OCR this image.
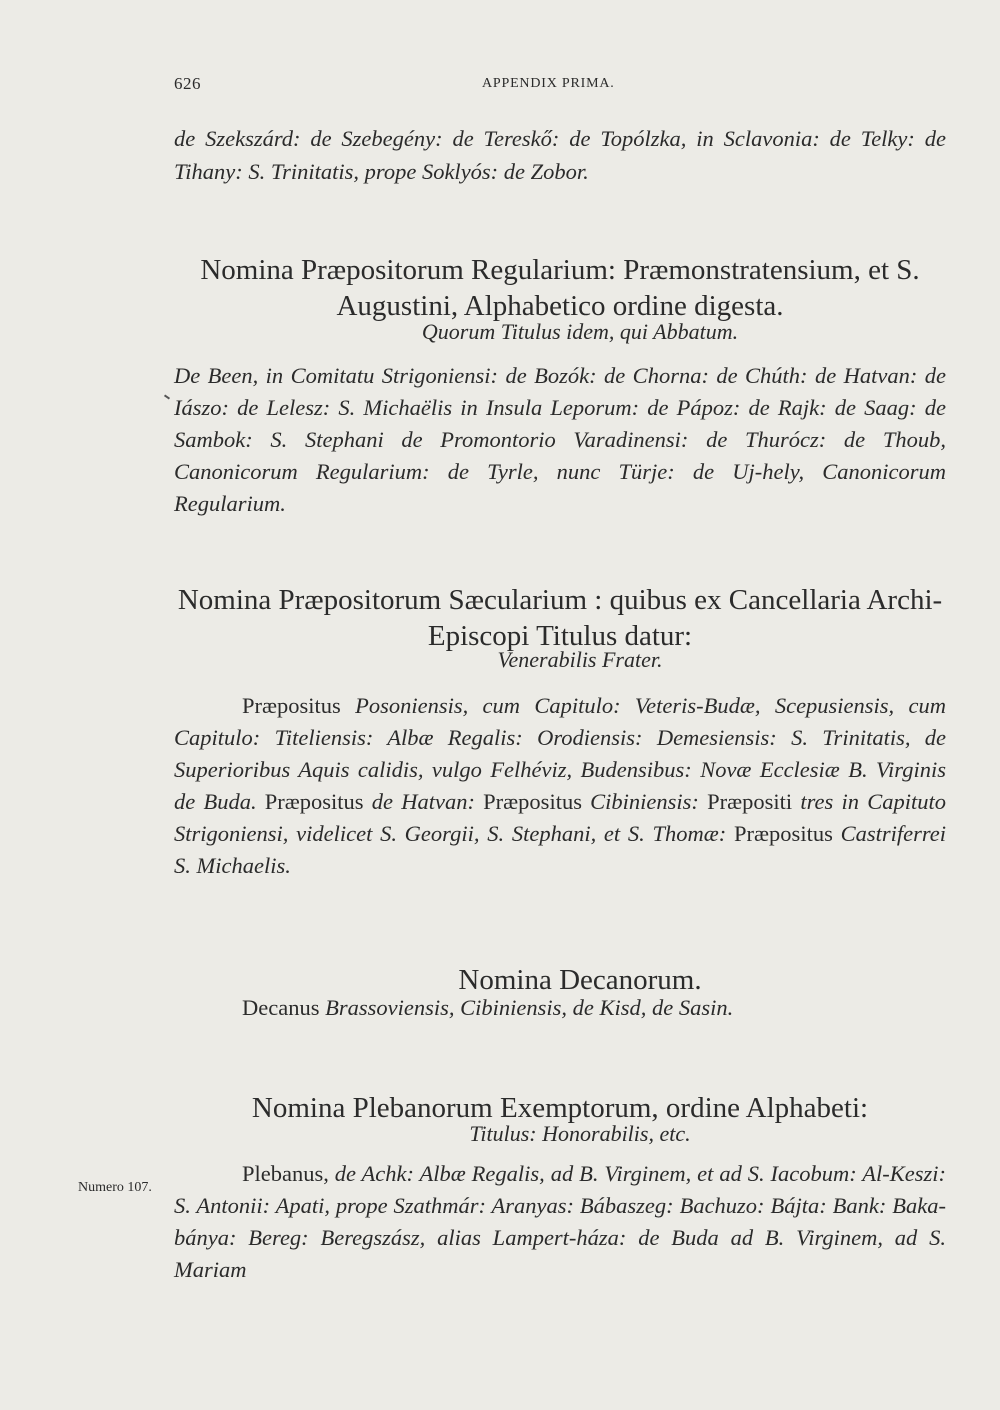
626	APPENDIX PRIMA.

de Szekszárd: de Szebegény: de Tereskő: de Topólzka, in Sclavonia: de Telky: de Tihany: S. Trinitatis, prope Soklyós: de Zobor.

Nomina Præpositorum Regularium: Præmonstratensium, et S. Augustini, Alphabetico ordine digesta.

Quorum Titulus idem, qui Abbatum.

De Been, in Comitatu Strigoniensi: de Bozók: de Chorna: de Chúth: de Hatvan: de Iászo: de Lelesz: S. Michaëlis in Insula Leporum: de Pápoz: de Rajk: de Saag: de Sambok: S. Stephani de Promontorio Varadinensi: de Thurócz: de Thoub, Canonicorum Regularium: de Tyrle, nunc Türje: de Uj-hely, Canonicorum Regularium.

Nomina Præpositorum Sæcularium : quibus ex Cancellaria Archi-Episcopi Titulus datur:

Venerabilis Frater.

Præpositus Posoniensis, cum Capitulo: Veteris-Budæ, Scepusiensis, cum Capitulo: Titeliensis: Albæ Regalis: Orodiensis: Demesiensis: S. Trinitatis, de Superioribus Aquis calidis, vulgo Felhéviz, Budensibus: Novæ Ecclesiæ B. Virginis de Buda. Præpositus de Hatvan: Præpositus Cibiniensis: Præpositi tres in Capituto Strigoniensi, videlicet S. Georgii, S. Stephani, et S. Thomæ: Præpositus Castriferrei S. Michaelis.

Nomina Decanorum.

Decanus Brassoviensis, Cibiniensis, de Kisd, de Sasin.

Nomina Plebanorum Exemptorum, ordine Alphabeti:

Titulus: Honorabilis, etc.

Numero 107.

Plebanus, de Achk: Albæ Regalis, ad B. Virginem, et ad S. Iacobum: Al-Keszi: S. Antonii: Apati, prope Szathmár: Aranyas: Bábaszeg: Bachuzo: Bájta: Bank: Baka-bánya: Bereg: Beregszász, alias Lampert-háza: de Buda ad B. Virginem, ad S. Mariam
